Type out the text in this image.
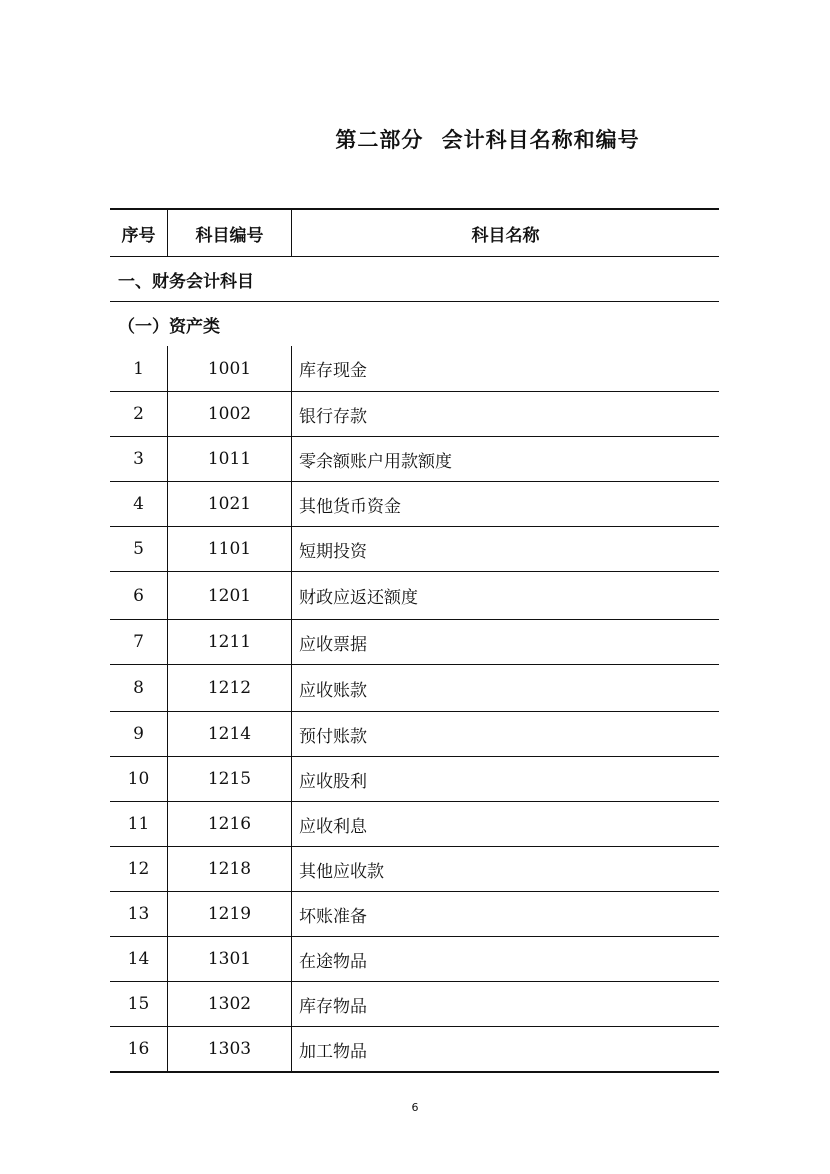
第二部分 会计科目名称和编号
序号	科目编号	科目名称
一、财务会计科目
（一）资产类
1	1001	库存现金
2	1002	银行存款
3	1011	零余额账户用款额度
4	1021	其他货币资金
5	1101	短期投资
6	1201	财政应返还额度
7	1211	应收票据
8	1212	应收账款
9	1214	预付账款
10	1215	应收股利
11	1216	应收利息
12	1218	其他应收款
13	1219	坏账准备
14	1301	在途物品
15	1302	库存物品
16	1303	加工物品
6
